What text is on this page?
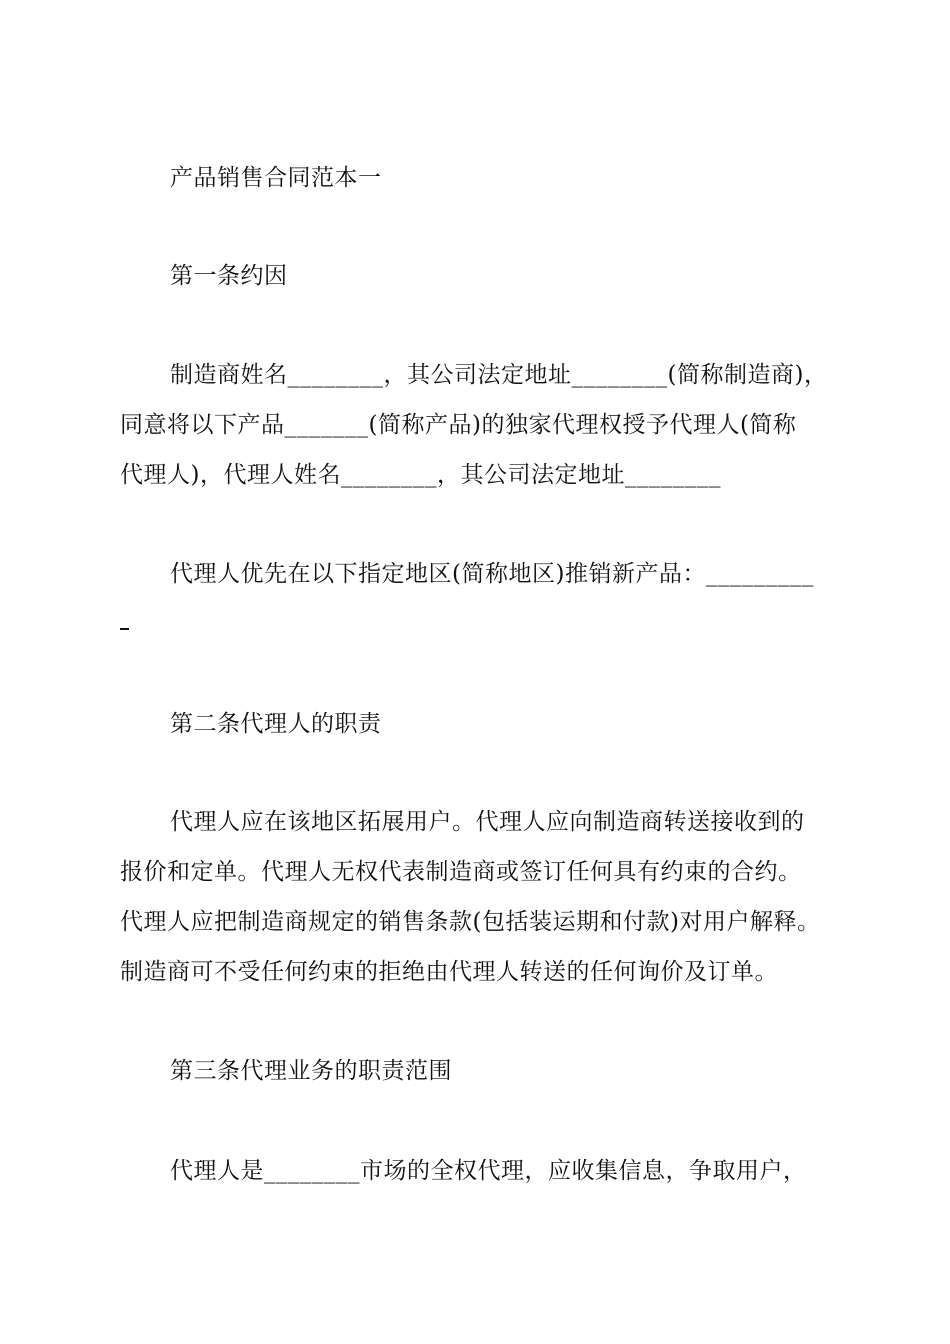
产品销售合同范本一
第一条约因
制造商姓名________，其公司法定地址________(简称制造商)，
同意将以下产品_______(简称产品)的独家代理权授予代理人(简称
代理人)，代理人姓名________，其公司法定地址________
代理人优先在以下指定地区(简称地区)推销新产品：_________
第二条代理人的职责
代理人应在该地区拓展用户。代理人应向制造商转送接收到的
报价和定单。代理人无权代表制造商或签订任何具有约束的合约。
代理人应把制造商规定的销售条款(包括装运期和付款)对用户解释。
制造商可不受任何约束的拒绝由代理人转送的任何询价及订单。
第三条代理业务的职责范围
代理人是________市场的全权代理，应收集信息，争取用户，
